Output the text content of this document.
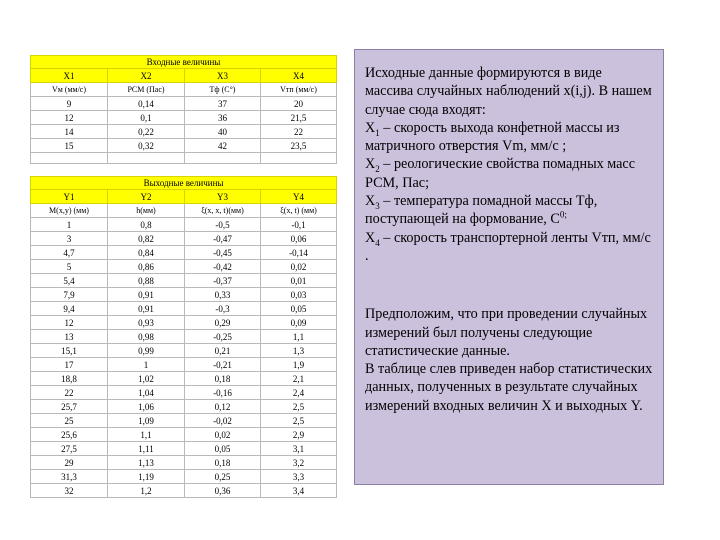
Входные величины			
X1	X2	X3	X4
Vм (мм/с)	PCM (Пас)	Tф (С°)	Vтп (мм/с)
9	0,14	37	20
12	0,1	36	21,5
14	0,22	40	22
15	0,32	42	23,5

Выходные величины			
Y1	Y2	Y3	Y4
M(x,y) (мм)	h(мм)	ξ(x, x, t)(мм)	ξ(x, t) (мм)
1	0,8	-0,5	-0,1
3	0,82	-0,47	0,06
4,7	0,84	-0,45	-0,14
5	0,86	-0,42	0,02
5,4	0,88	-0,37	0,01
7,9	0,91	0,33	0,03
9,4	0,91	-0,3	0,05
12	0,93	0,29	0,09
13	0,98	-0,25	1,1
15,1	0,99	0,21	1,3
17	1	-0,21	1,9
18,8	1,02	0,18	2,1
22	1,04	-0,16	2,4
25,7	1,06	0,12	2,5
25	1,09	-0,02	2,5
25,6	1,1	0,02	2,9
27,5	1,11	0,05	3,1
29	1,13	0,18	3,2
31,3	1,19	0,25	3,3
32	1,2	0,36	3,4

Исходные данные формируются в виде массива случайных наблюдений x(i,j). В нашем случае сюда входят:

$X_1$ – скорость выхода конфетной массы из матричного отверстия Vm, мм/с ;

$X_2$ – реологические свойства помадных масс РСМ, Пас;

$X_3$ – температура помадной массы Тф, поступающей на формование, $С^{0;}$

$X_4$ – скорость транспортерной ленты Vтп, мм/с .

Предположим, что при проведении случайных измерений был получены следующие статистические данные.

В таблице слев приведен набор статистических данных, полученных в результате случайных измерений входных величин Х и выходных Y.
